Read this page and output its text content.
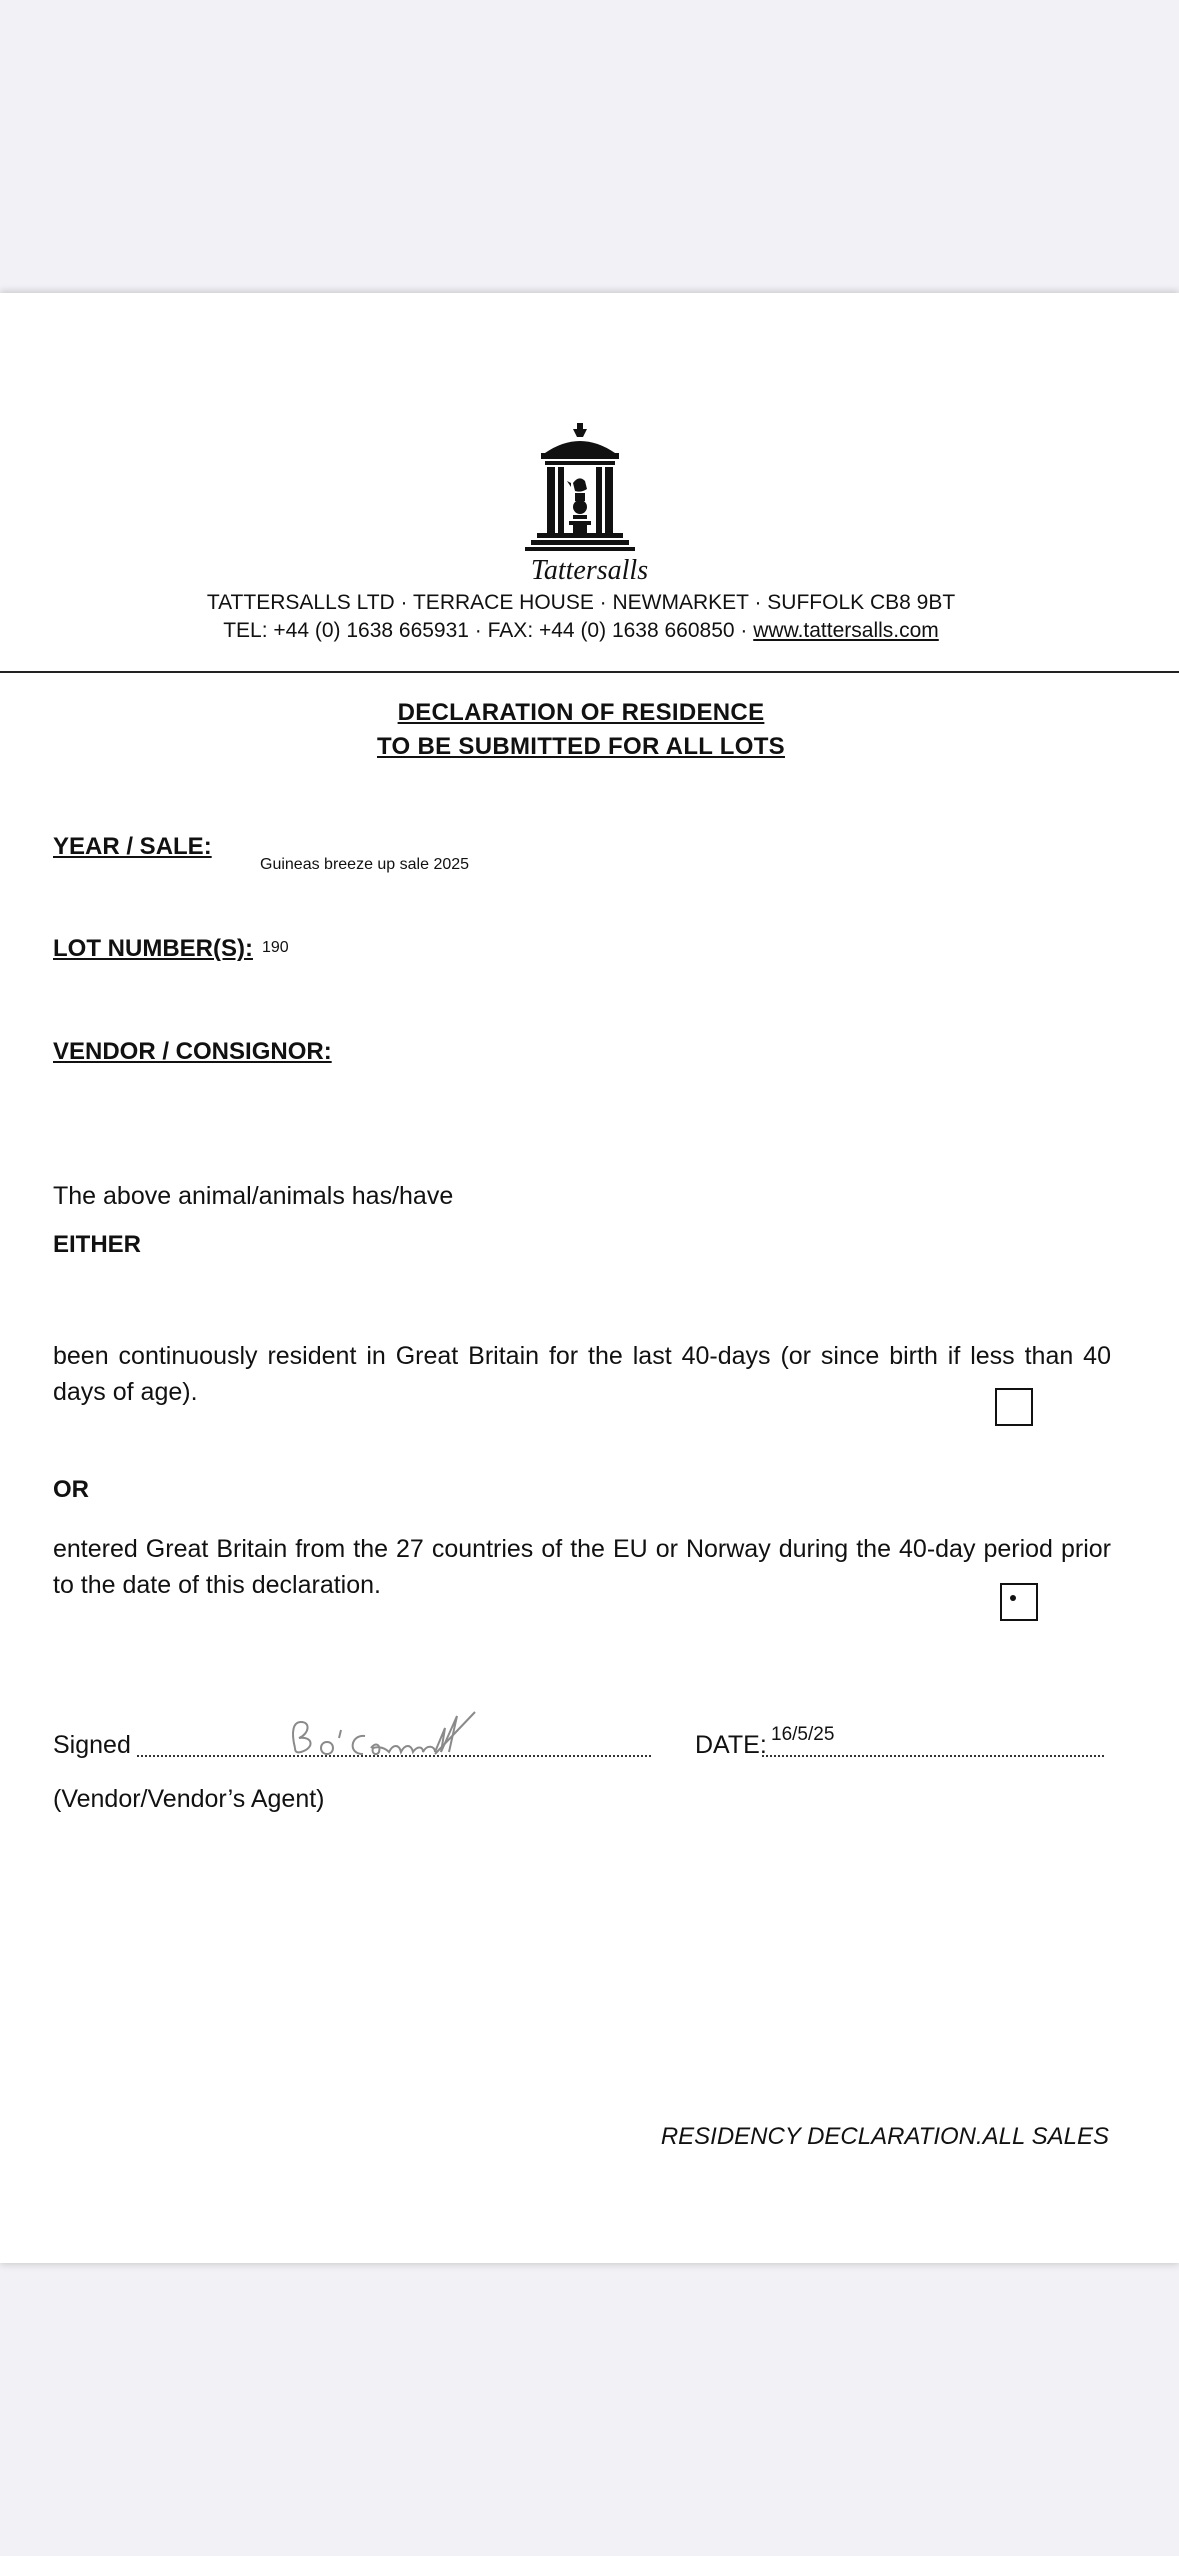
Tattersalls
TATTERSALLS LTD · TERRACE HOUSE · NEWMARKET · SUFFOLK CB8 9BT
TEL: +44 (0) 1638 665931 · FAX: +44 (0) 1638 660850 · www.tattersalls.com
DECLARATION OF RESIDENCE
TO BE SUBMITTED FOR ALL LOTS
YEAR / SALE:
Guineas breeze up sale 2025
LOT NUMBER(S): 190
VENDOR / CONSIGNOR:
The above animal/animals has/have
EITHER
been continuously resident in Great Britain for the last 40-days (or since birth if less than 40 days of age).
OR
entered Great Britain from the 27 countries of the EU or Norway during the 40-day period prior to the date of this declaration.
Signed	DATE: 16/5/25
(Vendor/Vendor’s Agent)
RESIDENCY DECLARATION.ALL SALES
